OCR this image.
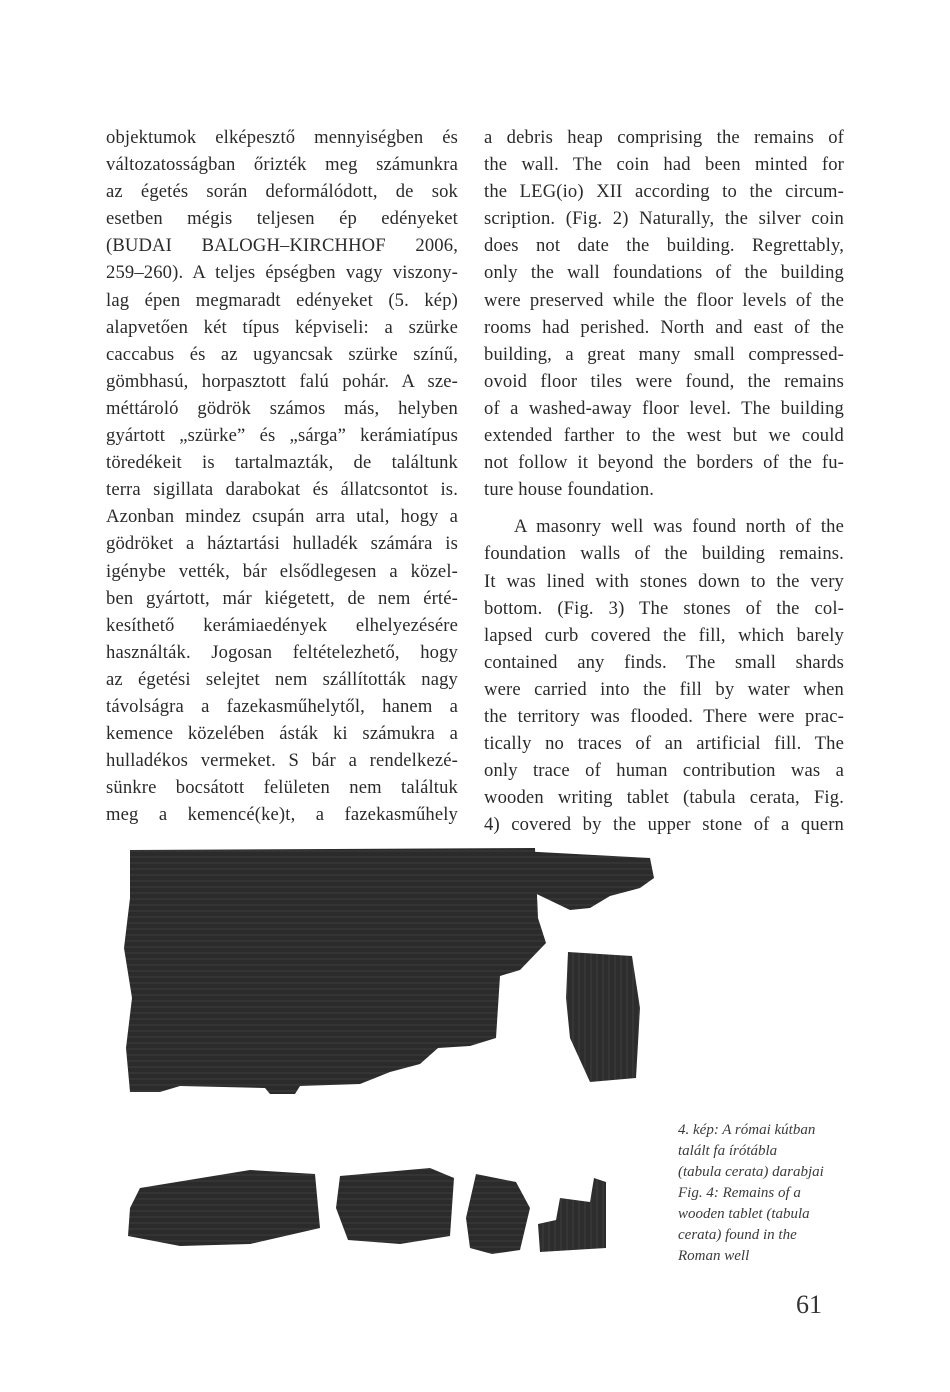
objektumok elképesztő mennyiségben és
változatosságban őrizték meg számunkra
az égetés során deformálódott, de sok
esetben mégis teljesen ép edényeket
(BUDAI BALOGH–KIRCHHOF 2006,
259–260). A teljes épségben vagy viszony-
lag épen megmaradt edényeket (5. kép)
alapvetően két típus képviseli: a szürke
caccabus és az ugyancsak szürke színű,
gömbhasú, horpasztott falú pohár. A sze-
méttároló gödrök számos más, helyben
gyártott „szürke” és „sárga” kerámiatípus
töredékeit is tartalmazták, de találtunk
terra sigillata darabokat és állatcsontot is.
Azonban mindez csupán arra utal, hogy a
gödröket a háztartási hulladék számára is
igénybe vették, bár elsődlegesen a közel-
ben gyártott, már kiégetett, de nem érté-
kesíthető kerámiaedények elhelyezésére
használták. Jogosan feltételezhető, hogy
az égetési selejtet nem szállították nagy
távolságra a fazekasműhelytől, hanem a
kemence közelében ásták ki számukra a
hulladékos vermeket. S bár a rendelkezé-
sünkre bocsátott felületen nem találtuk
meg a kemencé(ke)t, a fazekasműhely
a debris heap comprising the remains of
the wall. The coin had been minted for
the LEG(io) XII according to the circum-
scription. (Fig. 2) Naturally, the silver coin
does not date the building. Regrettably,
only the wall foundations of the building
were preserved while the floor levels of the
rooms had perished. North and east of the
building, a great many small compressed-
ovoid floor tiles were found, the remains
of a washed-away floor level. The building
extended farther to the west but we could
not follow it beyond the borders of the fu-
ture house foundation.
A masonry well was found north of the
foundation walls of the building remains.
It was lined with stones down to the very
bottom. (Fig. 3) The stones of the col-
lapsed curb covered the fill, which barely
contained any finds. The small shards
were carried into the fill by water when
the territory was flooded. There were prac-
tically no traces of an artificial fill. The
only trace of human contribution was a
wooden writing tablet (tabula cerata, Fig.
4) covered by the upper stone of a quern
4. kép: A római kútban
talált fa írótábla
(tabula cerata) darabjai
Fig. 4: Remains of a
wooden tablet (tabula
cerata) found in the
Roman well
61
